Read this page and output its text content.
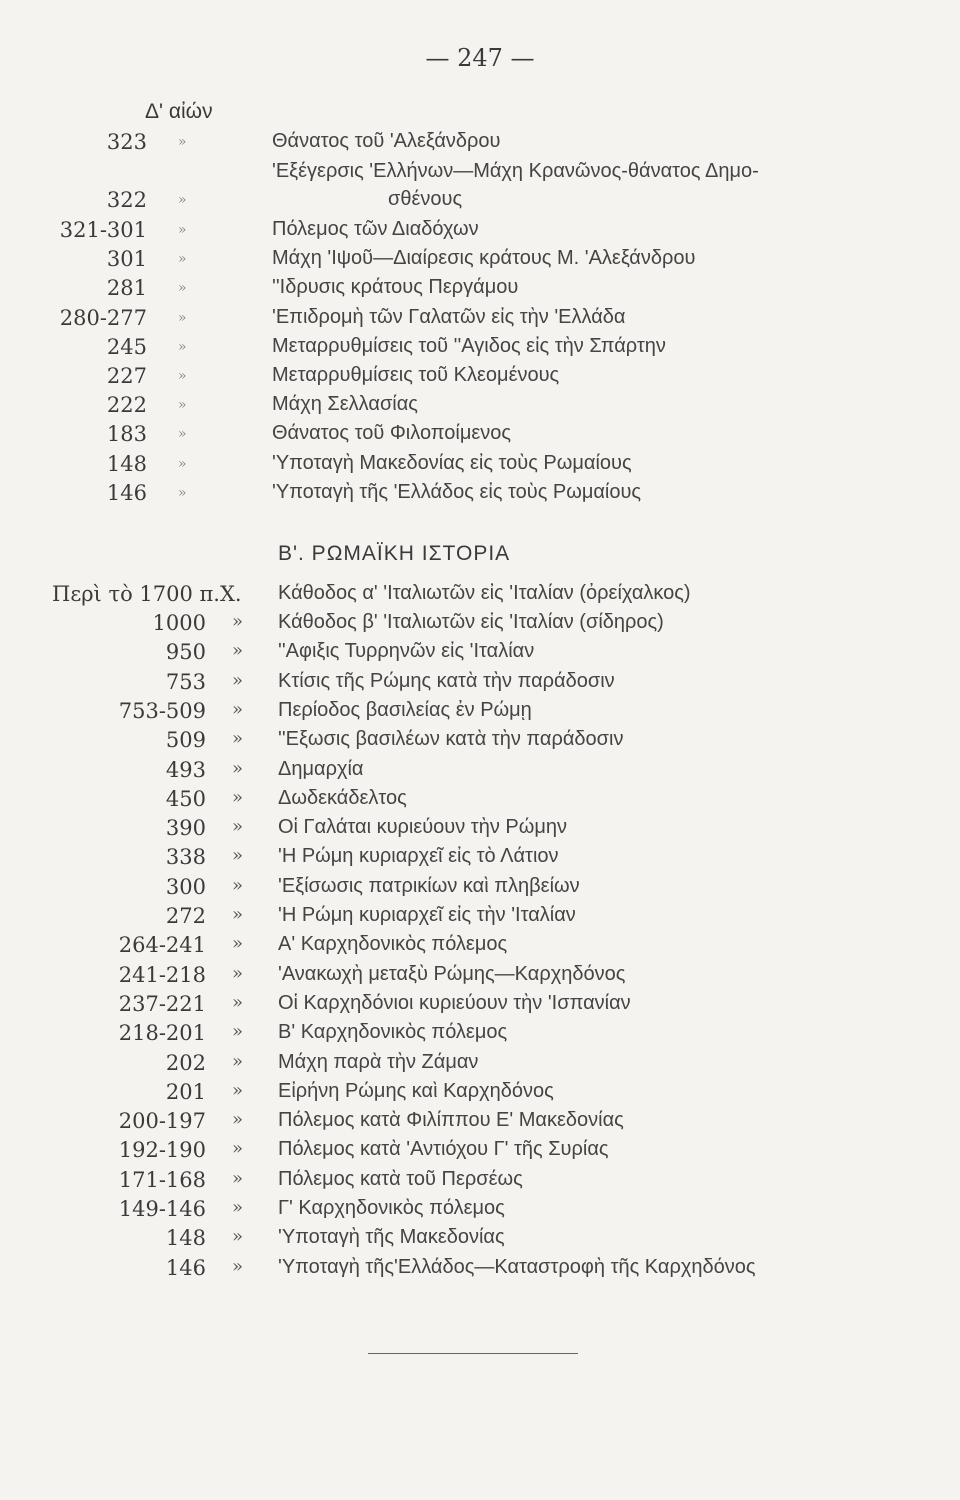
— 247 —
Δ' αἰών
323 »	Θάνατος τοῦ 'Αλεξάνδρου
'Εξέγερσις 'Ελλήνων—Μάχη Κρανῶνος-θάνατος Δημο-
322 »	σθένους
321-301 »	Πόλεμος τῶν Διαδόχων
301 »	Μάχη 'Ιψοῦ—Διαίρεσις κράτους Μ. 'Αλεξάνδρου
281 »	''Ιδρυσις κράτους Περγάμου
280-277 »	'Επιδρομὴ τῶν Γαλατῶν εἰς τὴν 'Ελλάδα
245 »	Μεταρρυθμίσεις τοῦ ''Αγιδος εἰς τὴν Σπάρτην
227 »	Μεταρρυθμίσεις τοῦ Κλεομένους
222 »	Μάχη Σελλασίας
183 »	Θάνατος τοῦ Φιλοποίμενος
148 »	'Υποταγὴ Μακεδονίας εἰς τοὺς Ρωμαίους
146 »	'Υποταγὴ τῆς 'Ελλάδος εἰς τοὺς Ρωμαίους
Β'. ΡΩΜΑΪΚΗ ΙΣΤΟΡΙΑ
Περὶ τὸ 1700 π.Χ. Κάθοδος α' 'Ιταλιωτῶν εἰς 'Ιταλίαν (ὀρείχαλκος)
1000 » Κάθοδος β' 'Ιταλιωτῶν εἰς 'Ιταλίαν (σίδηρος)
950 » ''Αφιξις Τυρρηνῶν εἰς 'Ιταλίαν
753 » Κτίσις τῆς Ρώμης κατὰ τὴν παράδοσιν
753-509 » Περίοδος βασιλείας ἐν Ρώμῃ
509 » ''Εξωσις βασιλέων κατὰ τὴν παράδοσιν
493 » Δημαρχία
450 » Δωδεκάδελτος
390 » Οἱ Γαλάται κυριεύουν τὴν Ρώμην
338 » 'Η Ρώμη κυριαρχεῖ εἰς τὸ Λάτιον
300 » 'Εξίσωσις πατρικίων καὶ πληβείων
272 » 'Η Ρώμη κυριαρχεῖ εἰς τὴν 'Ιταλίαν
264-241 » Α' Καρχηδονικὸς πόλεμος
241-218 » 'Ανακωχὴ μεταξὺ Ρώμης—Καρχηδόνος
237-221 » Οἱ Καρχηδόνιοι κυριεύουν τὴν 'Ισπανίαν
218-201 » Β' Καρχηδονικὸς πόλεμος
202 » Μάχη παρὰ τὴν Ζάμαν
201 » Εἰρήνη Ρώμης καὶ Καρχηδόνος
200-197 » Πόλεμος κατὰ Φιλίππου Ε' Μακεδονίας
192-190 » Πόλεμος κατὰ 'Αντιόχου Γ' τῆς Συρίας
171-168 » Πόλεμος κατὰ τοῦ Περσέως
149-146 » Γ' Καρχηδονικὸς πόλεμος
148 » 'Υποταγὴ τῆς Μακεδονίας
146 » 'Υποταγὴ τῆς'Ελλάδος—Καταστροφὴ τῆς Καρχηδόνος
